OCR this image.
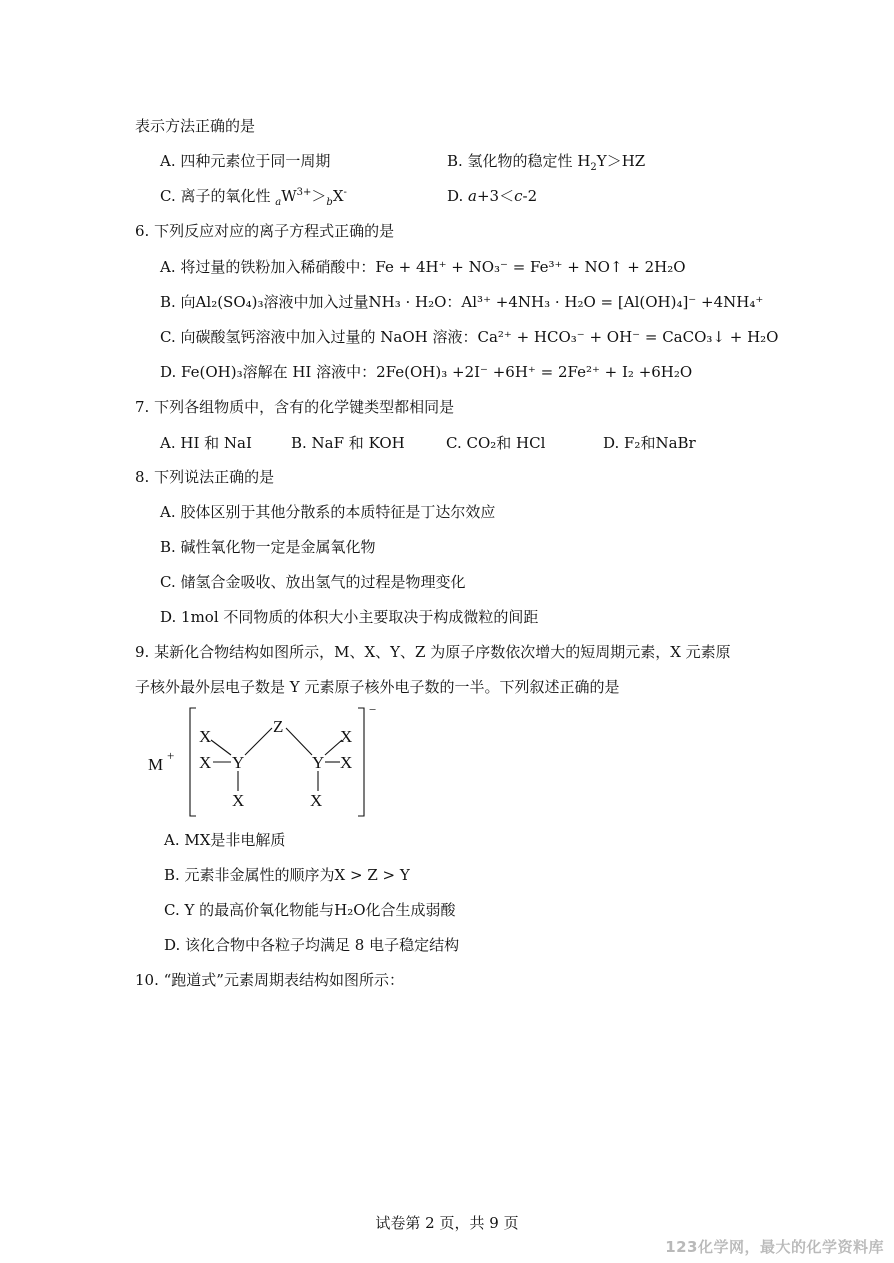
表示方法正确的是
A. 四种元素位于同一周期	B. 氢化物的稳定性 $H_2Y>HZ$
C. 离子的氧化性 $_aW^{3+}>_bX^-$	D. a+3＜c-2
6. 下列反应对应的离子方程式正确的是
A. 将过量的铁粉加入稀硝酸中：Fe + 4H⁺ + NO₃⁻ = Fe³⁺ + NO↑ + 2H₂O
B. 向Al₂(SO₄)₃溶液中加入过量NH₃ · H₂O：Al³⁺ +4NH₃ · H₂O = [Al(OH)₄]⁻ +4NH₄⁺
C. 向碳酸氢钙溶液中加入过量的 NaOH 溶液：Ca²⁺ + HCO₃⁻ + OH⁻ = CaCO₃↓ + H₂O
D. Fe(OH)₃溶解在 HI 溶液中：2Fe(OH)₃ +2I⁻ +6H⁺ = 2Fe²⁺ + I₂ +6H₂O
7. 下列各组物质中，含有的化学键类型都相同是
A. HI 和 NaI	B. NaF 和 KOH	C. CO₂和 HCl	D. F₂和NaBr
8. 下列说法正确的是
A. 胶体区别于其他分散系的本质特征是丁达尔效应
B. 碱性氧化物一定是金属氧化物
C. 储氢合金吸收、放出氢气的过程是物理变化
D. 1mol 不同物质的体积大小主要取决于构成微粒的间距
9. 某新化合物结构如图所示，M、X、Y、Z 为原子序数依次增大的短周期元素，X 元素原
子核外最外层电子数是 Y 元素原子核外电子数的一半。下列叙述正确的是
M +
−
X
X Y
X
Z
Y
X
X
X
A. MX是非电解质
B. 元素非金属性的顺序为X > Z > Y
C. Y 的最高价氧化物能与H₂O化合生成弱酸
D. 该化合物中各粒子均满足 8 电子稳定结构
10. “跑道式”元素周期表结构如图所示：
试卷第 2 页，共 9 页
123化学网，最大的化学资料库
